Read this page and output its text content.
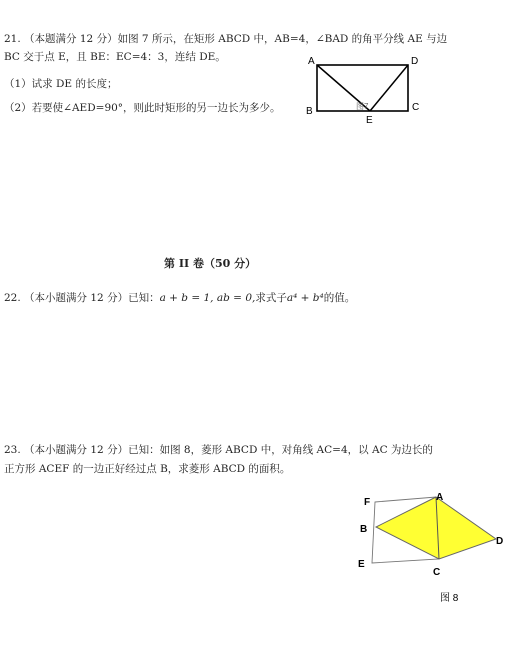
21. （本题满分 12 分）如图 7 所示，在矩形 ABCD 中，AB=4，∠BAD 的角平分线 AE 与边
BC 交于点 E，且 BE：EC=4：3，连结 DE。
（1）试求 DE 的长度；
（2）若要使∠AED=90°，则此时矩形的另一边长为多少。
A	D
B	C
E
图7
第 II 卷（50 分）
22. （本小题满分 12 分）已知：a + b = 1, ab = 0,求式子a⁴ + b⁴的值。
23. （本小题满分 12 分）已知：如图 8，菱形 ABCD 中，对角线 AC=4，以 AC 为边长的
正方形 ACEF 的一边正好经过点 B，求菱形 ABCD 的面积。
F	A
B
D
E
C
图 8
